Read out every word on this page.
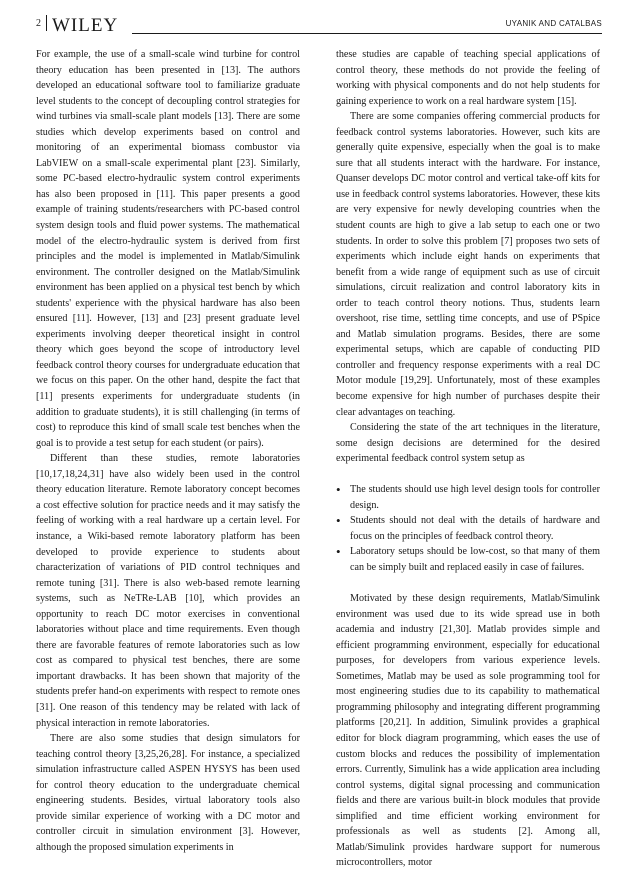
2 WILEY	UYANIK AND CATALBAS

For example, the use of a small-scale wind turbine for control theory education has been presented in [13]. The authors developed an educational software tool to familiarize graduate level students to the concept of decoupling control strategies for wind turbines via small-scale plant models [13]. There are some studies which develop experiments based on control and monitoring of an experimental biomass combustor via LabVIEW on a small-scale experimental plant [23]. Similarly, some PC-based electro-hydraulic system control experiments has also been proposed in [11]. This paper presents a good example of training students/researchers with PC-based control system design tools and fluid power systems. The mathematical model of the electro-hydraulic system is derived from first principles and the model is implemented in Matlab/Simulink environment. The controller designed on the Matlab/Simulink environment has been applied on a physical test bench by which students' experience with the physical hardware has also been ensured [11]. However, [13] and [23] present graduate level experiments involving deeper theoretical insight in control theory which goes beyond the scope of introductory level feedback control theory courses for undergraduate education that we focus on this paper. On the other hand, despite the fact that [11] presents experiments for undergraduate students (in addition to graduate students), it is still challenging (in terms of cost) to reproduce this kind of small scale test benches when the goal is to provide a test setup for each student (or pairs).

Different than these studies, remote laboratories [10,17,18,24,31] have also widely been used in the control theory education literature. Remote laboratory concept becomes a cost effective solution for practice needs and it may satisfy the feeling of working with a real hardware up a certain level. For instance, a Wiki-based remote laboratory platform has been developed to provide experience to students about characterization of variations of PID control techniques and remote tuning [31]. There is also web-based remote learning systems, such as NeTRe-LAB [10], which provides an opportunity to reach DC motor exercises in conventional laboratories without place and time requirements. Even though there are favorable features of remote laboratories such as low cost as compared to physical test benches, there are some important drawbacks. It has been shown that majority of the students prefer hand-on experiments with respect to remote ones [31]. One reason of this tendency may be related with lack of physical interaction in remote laboratories.

There are also some studies that design simulators for teaching control theory [3,25,26,28]. For instance, a specialized simulation infrastructure called ASPEN HYSYS has been used for control theory education to the undergraduate chemical engineering students. Besides, virtual laboratory tools also provide similar experience of working with a DC motor and controller circuit in simulation environment [3]. However, although the proposed simulation experiments in

these studies are capable of teaching special applications of control theory, these methods do not provide the feeling of working with physical components and do not help students for gaining experience to work on a real hardware system [15].

There are some companies offering commercial products for feedback control systems laboratories. However, such kits are generally quite expensive, especially when the goal is to make sure that all students interact with the hardware. For instance, Quanser develops DC motor control and vertical take-off kits for use in feedback control systems laboratories. However, these kits are very expensive for newly developing countries when the student counts are high to give a lab setup to each one or two students. In order to solve this problem [7] proposes two sets of experiments which include eight hands on experiments that benefit from a wide range of equipment such as use of circuit simulations, circuit realization and control laboratory kits in order to teach control theory notions. Thus, students learn overshoot, rise time, settling time concepts, and use of PSpice and Matlab simulation programs. Besides, there are some experimental setups, which are capable of conducting PID controller and frequency response experiments with a real DC Motor module [19,29]. Unfortunately, most of these examples become expensive for high number of purchases despite their clear advantages on teaching.

Considering the state of the art techniques in the literature, some design decisions are determined for the desired experimental feedback control system setup as

• The students should use high level design tools for controller design.
• Students should not deal with the details of hardware and focus on the principles of feedback control theory.
• Laboratory setups should be low-cost, so that many of them can be simply built and replaced easily in case of failures.

Motivated by these design requirements, Matlab/Simulink environment was used due to its wide spread use in both academia and industry [21,30]. Matlab provides simple and efficient programming environment, especially for educational purposes, for developers from various experience levels. Sometimes, Matlab may be used as sole programming tool for most engineering studies due to its capability to mathematical programming philosophy and integrating different programming platforms [20,21]. In addition, Simulink provides a graphical editor for block diagram programming, which eases the use of custom blocks and reduces the possibility of implementation errors. Currently, Simulink has a wide application area including control systems, digital signal processing and communication fields and there are various built-in block modules that provide simplified and time efficient working environment for professionals as well as students [2]. Among all, Matlab/Simulink provides hardware support for numerous microcontrollers, motor
